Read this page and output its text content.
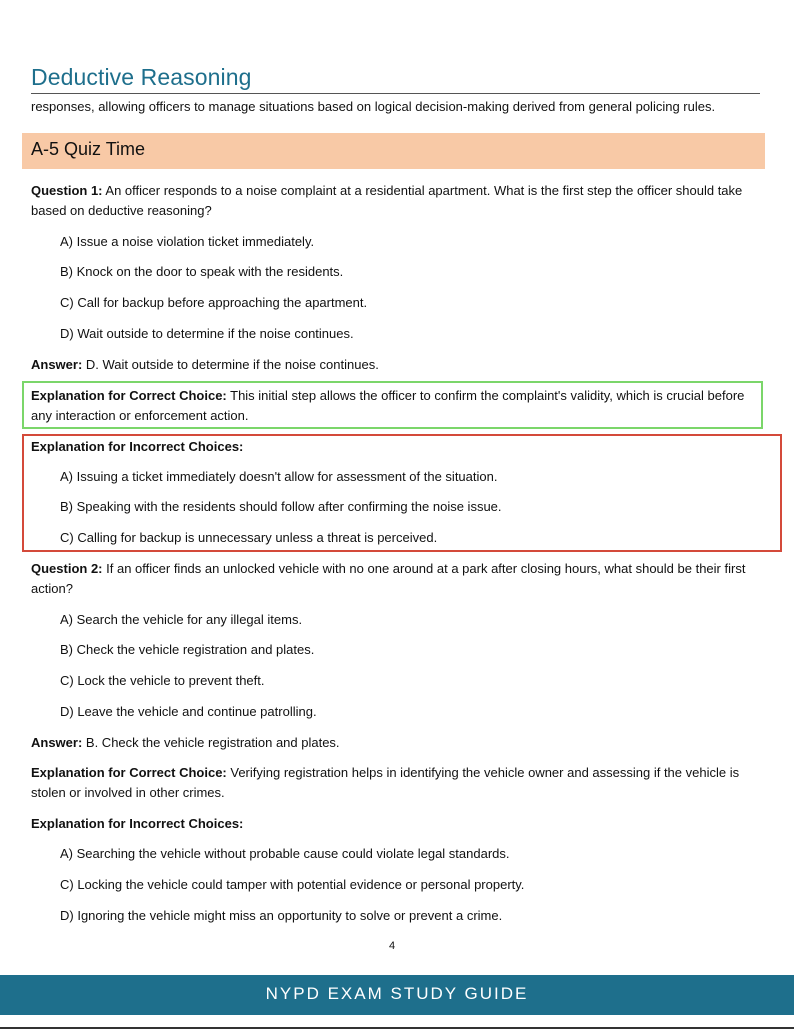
Deductive Reasoning
responses, allowing officers to manage situations based on logical decision-making derived from general policing rules.
A-5 Quiz Time
Question 1: An officer responds to a noise complaint at a residential apartment. What is the first step the officer should take based on deductive reasoning?
A) Issue a noise violation ticket immediately.
B) Knock on the door to speak with the residents.
C) Call for backup before approaching the apartment.
D) Wait outside to determine if the noise continues.
Answer: D. Wait outside to determine if the noise continues.
Explanation for Correct Choice: This initial step allows the officer to confirm the complaint's validity, which is crucial before any interaction or enforcement action.
Explanation for Incorrect Choices:
A) Issuing a ticket immediately doesn't allow for assessment of the situation.
B) Speaking with the residents should follow after confirming the noise issue.
C) Calling for backup is unnecessary unless a threat is perceived.
Question 2: If an officer finds an unlocked vehicle with no one around at a park after closing hours, what should be their first action?
A) Search the vehicle for any illegal items.
B) Check the vehicle registration and plates.
C) Lock the vehicle to prevent theft.
D) Leave the vehicle and continue patrolling.
Answer: B. Check the vehicle registration and plates.
Explanation for Correct Choice: Verifying registration helps in identifying the vehicle owner and assessing if the vehicle is stolen or involved in other crimes.
Explanation for Incorrect Choices:
A) Searching the vehicle without probable cause could violate legal standards.
C) Locking the vehicle could tamper with potential evidence or personal property.
D) Ignoring the vehicle might miss an opportunity to solve or prevent a crime.
4
NYPD EXAM STUDY GUIDE
